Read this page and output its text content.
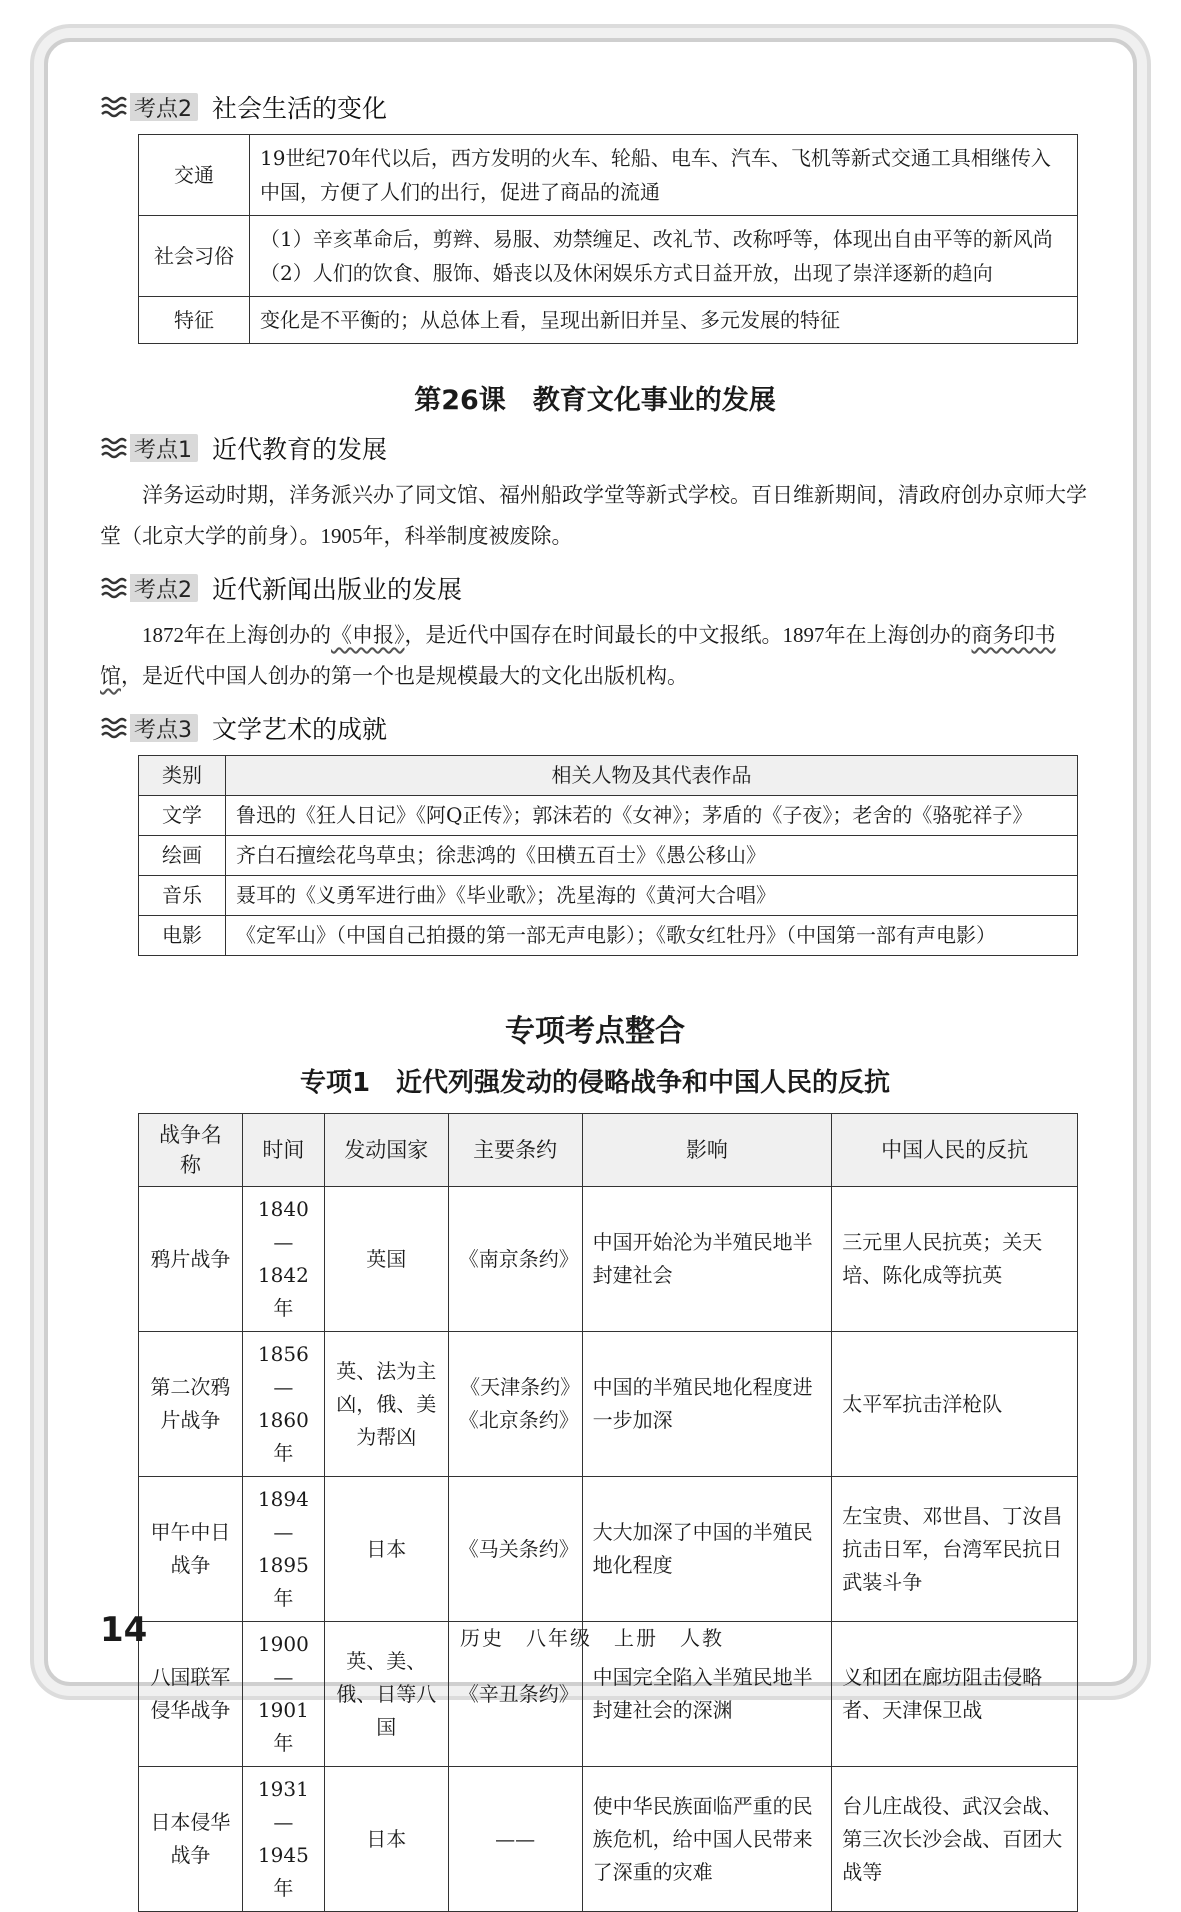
考点2 社会生活的变化
交通	19世纪70年代以后，西方发明的火车、轮船、电车、汽车、飞机等新式交通工具相继传入中国，方便了人们的出行，促进了商品的流通
社会习俗	（1）辛亥革命后，剪辫、易服、劝禁缠足、改礼节、改称呼等，体现出自由平等的新风尚
（2）人们的饮食、服饰、婚丧以及休闲娱乐方式日益开放，出现了崇洋逐新的趋向

特征	变化是不平衡的；从总体上看，呈现出新旧并呈、多元发展的特征
第26课　教育文化事业的发展
考点1 近代教育的发展

洋务运动时期，洋务派兴办了同文馆、福州船政学堂等新式学校。百日维新期间，清政府创办京师大学堂（北京大学的前身）。1905年，科举制度被废除。

考点2 近代新闻出版业的发展

1872年在上海创办的《申报》，是近代中国存在时间最长的中文报纸。1897年在上海创办的商务印书馆，是近代中国人创办的第一个也是规模最大的文化出版机构。

考点3 文学艺术的成就
类别	相关人物及其代表作品
文学	鲁迅的《狂人日记》《阿Q正传》；郭沫若的《女神》；茅盾的《子夜》；老舍的《骆驼祥子》
绘画	齐白石擅绘花鸟草虫；徐悲鸿的《田横五百士》《愚公移山》
音乐	聂耳的《义勇军进行曲》《毕业歌》；冼星海的《黄河大合唱》
电影	《定军山》（中国自己拍摄的第一部无声电影）；《歌女红牡丹》（中国第一部有声电影）
专项考点整合
专项1　近代列强发动的侵略战争和中国人民的反抗
战争名称	时间	发动国家	主要条约	影响	中国人民的反抗
鸦片战争	1840—1842年	英国	《南京条约》	中国开始沦为半殖民地半封建社会	三元里人民抗英；关天培、陈化成等抗英
第二次鸦片战争	1856—1860年	英、法为主凶，俄、美为帮凶	《天津条约》《北京条约》	中国的半殖民地化程度进一步加深	太平军抗击洋枪队
甲午中日战争	1894—1895年	日本	《马关条约》	大大加深了中国的半殖民地化程度	左宝贵、邓世昌、丁汝昌抗击日军，台湾军民抗日武装斗争
八国联军侵华战争	1900—1901年	英、美、俄、日等八国	《辛丑条约》	中国完全陷入半殖民地半封建社会的深渊	义和团在廊坊阻击侵略者、天津保卫战
日本侵华战争	1931—1945年	日本	——	使中华民族面临严重的民族危机，给中国人民带来了深重的灾难	台儿庄战役、武汉会战、第三次长沙会战、百团大战等
14	历史　八年级　上册　人教
